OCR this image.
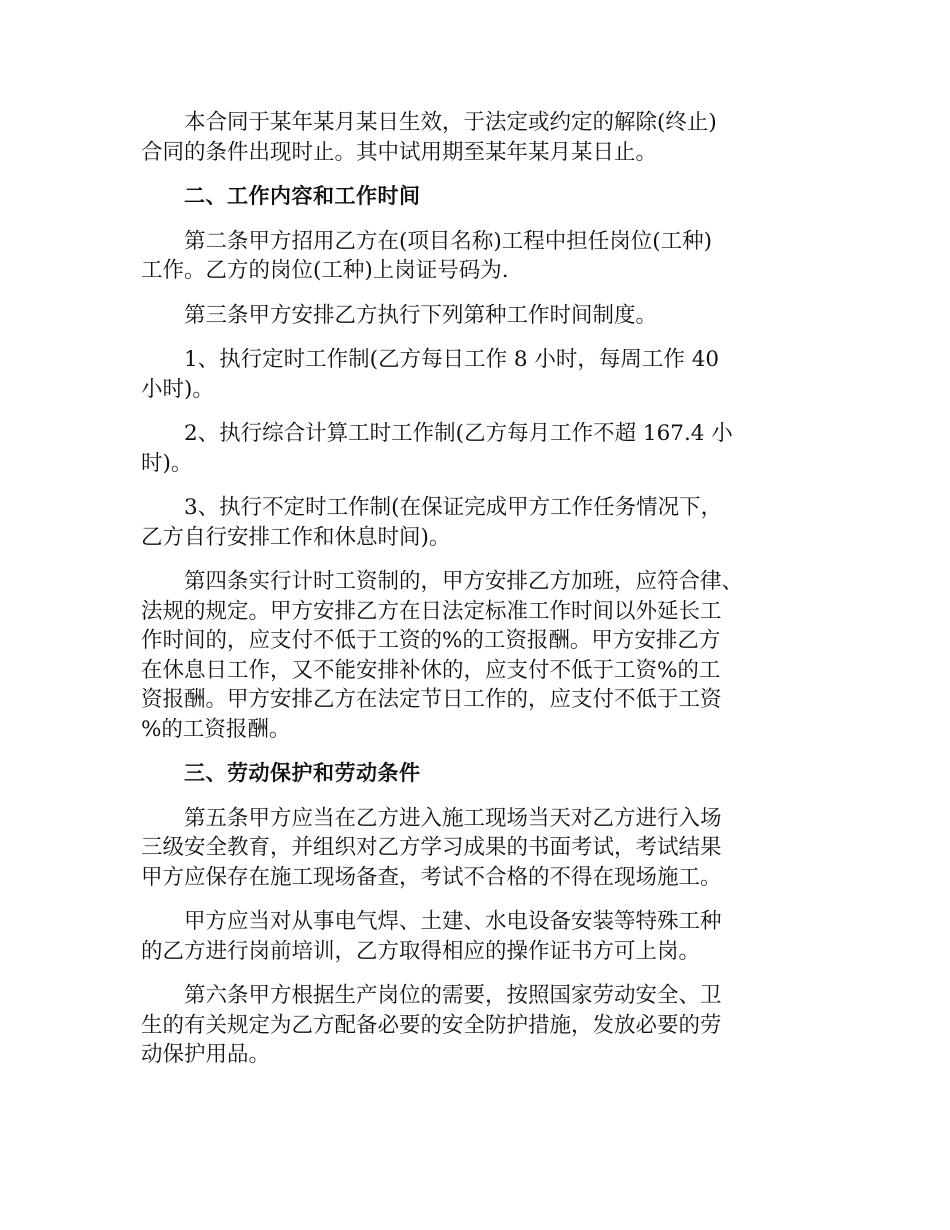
本合同于某年某月某日生效，于法定或约定的解除(终止)
合同的条件出现时止。其中试用期至某年某月某日止。

二、工作内容和工作时间

第二条甲方招用乙方在(项目名称)工程中担任岗位(工种)
工作。乙方的岗位(工种)上岗证号码为.

第三条甲方安排乙方执行下列第种工作时间制度。

1、执行定时工作制(乙方每日工作 8 小时，每周工作 40
小时)。

2、执行综合计算工时工作制(乙方每月工作不超 167.4 小
时)。

3、执行不定时工作制(在保证完成甲方工作任务情况下，
乙方自行安排工作和休息时间)。

第四条实行计时工资制的，甲方安排乙方加班，应符合律、
法规的规定。甲方安排乙方在日法定标准工作时间以外延长工
作时间的，应支付不低于工资的%的工资报酬。甲方安排乙方
在休息日工作，又不能安排补休的，应支付不低于工资%的工
资报酬。甲方安排乙方在法定节日工作的，应支付不低于工资
%的工资报酬。

三、劳动保护和劳动条件

第五条甲方应当在乙方进入施工现场当天对乙方进行入场
三级安全教育，并组织对乙方学习成果的书面考试，考试结果
甲方应保存在施工现场备查，考试不合格的不得在现场施工。

甲方应当对从事电气焊、土建、水电设备安装等特殊工种
的乙方进行岗前培训，乙方取得相应的操作证书方可上岗。

第六条甲方根据生产岗位的需要，按照国家劳动安全、卫
生的有关规定为乙方配备必要的安全防护措施，发放必要的劳
动保护用品。
